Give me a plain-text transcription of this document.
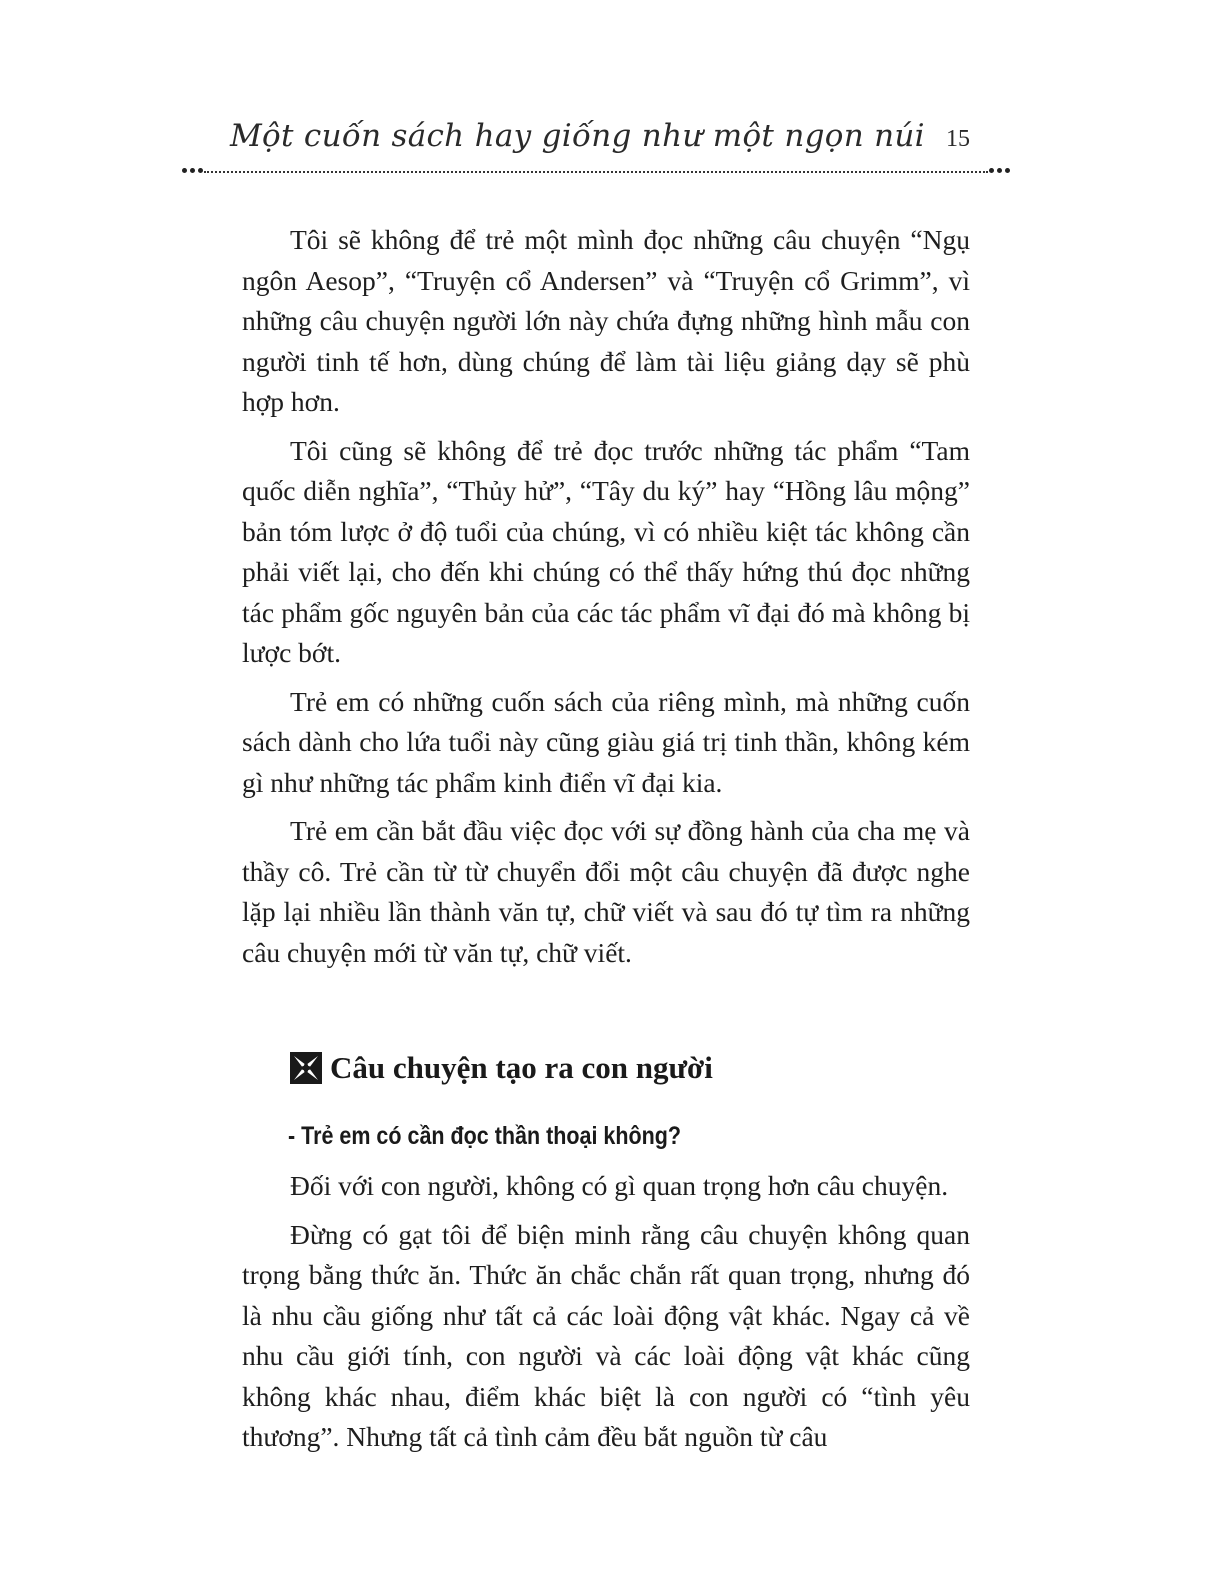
Một cuốn sách hay giống như một ngọn núi 15

Tôi sẽ không để trẻ một mình đọc những câu chuyện “Ngụ ngôn Aesop”, “Truyện cổ Andersen” và “Truyện cổ Grimm”, vì những câu chuyện người lớn này chứa đựng những hình mẫu con người tinh tế hơn, dùng chúng để làm tài liệu giảng dạy sẽ phù hợp hơn.

Tôi cũng sẽ không để trẻ đọc trước những tác phẩm “Tam quốc diễn nghĩa”, “Thủy hử”, “Tây du ký” hay “Hồng lâu mộng” bản tóm lược ở độ tuổi của chúng, vì có nhiều kiệt tác không cần phải viết lại, cho đến khi chúng có thể thấy hứng thú đọc những tác phẩm gốc nguyên bản của các tác phẩm vĩ đại đó mà không bị lược bớt.

Trẻ em có những cuốn sách của riêng mình, mà những cuốn sách dành cho lứa tuổi này cũng giàu giá trị tinh thần, không kém gì như những tác phẩm kinh điển vĩ đại kia.

Trẻ em cần bắt đầu việc đọc với sự đồng hành của cha mẹ và thầy cô. Trẻ cần từ từ chuyển đổi một câu chuyện đã được nghe lặp lại nhiều lần thành văn tự, chữ viết và sau đó tự tìm ra những câu chuyện mới từ văn tự, chữ viết.

Câu chuyện tạo ra con người
- Trẻ em có cần đọc thần thoại không?

Đối với con người, không có gì quan trọng hơn câu chuyện.

Đừng có gạt tôi để biện minh rằng câu chuyện không quan trọng bằng thức ăn. Thức ăn chắc chắn rất quan trọng, nhưng đó là nhu cầu giống như tất cả các loài động vật khác. Ngay cả về nhu cầu giới tính, con người và các loài động vật khác cũng không khác nhau, điểm khác biệt là con người có “tình yêu thương”. Nhưng tất cả tình cảm đều bắt nguồn từ câu
